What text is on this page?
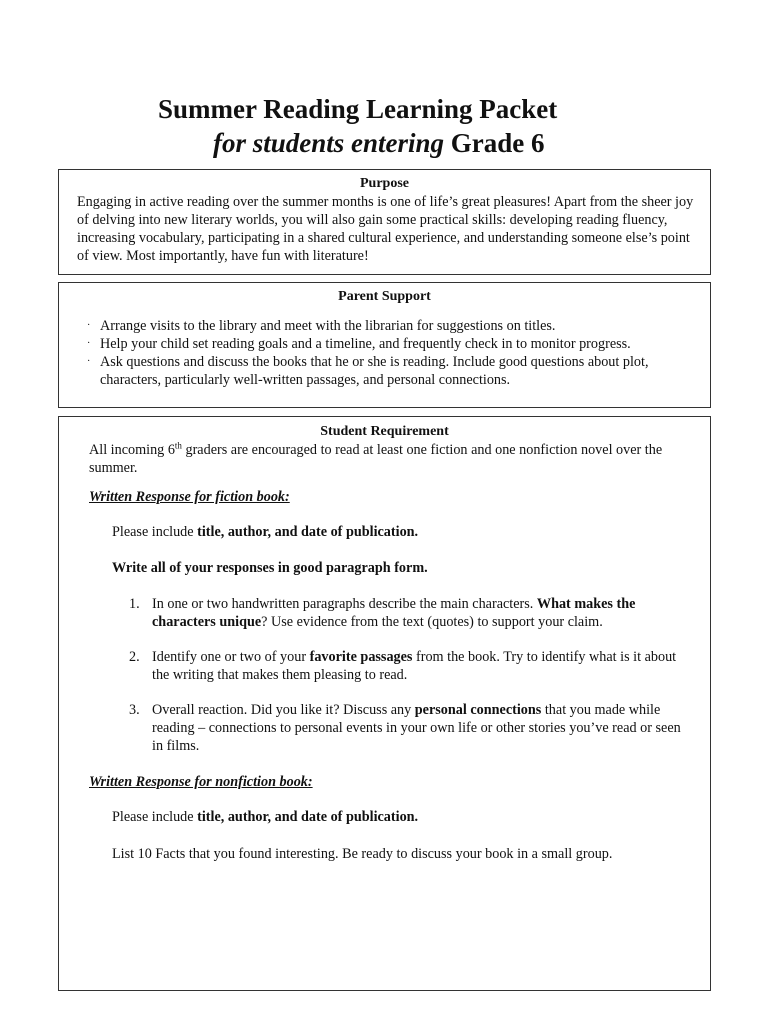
Summer Reading Learning Packet
for students entering Grade 6
Purpose
Engaging in active reading over the summer months is one of life’s great pleasures! Apart from the sheer joy of delving into new literary worlds, you will also gain some practical skills: developing reading fluency, increasing vocabulary, participating in a shared cultural experience, and understanding someone else’s point of view. Most importantly, have fun with literature!
Parent Support
· Arrange visits to the library and meet with the librarian for suggestions on titles.
· Help your child set reading goals and a timeline, and frequently check in to monitor progress.
· Ask questions and discuss the books that he or she is reading. Include good questions about plot, characters, particularly well-written passages, and personal connections.
Student Requirement
All incoming 6th graders are encouraged to read at least one fiction and one nonfiction novel over the summer.
Written Response for fiction book:
Please include title, author, and date of publication.
Write all of your responses in good paragraph form.
1. In one or two handwritten paragraphs describe the main characters. What makes the characters unique? Use evidence from the text (quotes) to support your claim.
2. Identify one or two of your favorite passages from the book. Try to identify what is it about the writing that makes them pleasing to read.
3. Overall reaction. Did you like it? Discuss any personal connections that you made while reading – connections to personal events in your own life or other stories you’ve read or seen in films.
Written Response for nonfiction book:
Please include title, author, and date of publication.
List 10 Facts that you found interesting. Be ready to discuss your book in a small group.
